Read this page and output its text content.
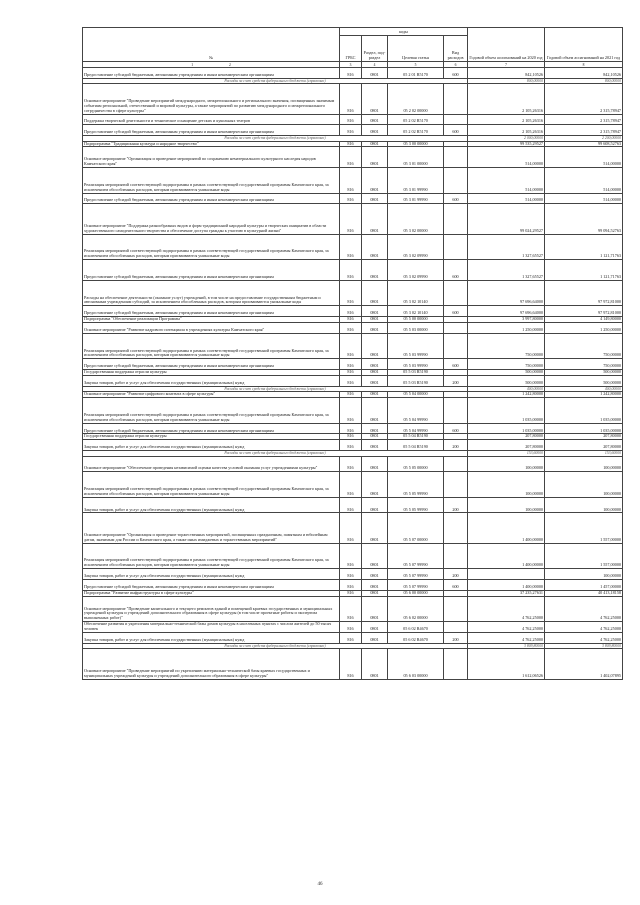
№	коды				Годовой объем ассигнований на 2020 год	Годовой объем ассигнований на 2021 год
	ГРБС	Раздел, под-раздел	Целевая статья	Вид расходов		
1 2	3	4	5	6	7	8
Предоставление субсидий бюджетным, автономным учреждениям и иным некоммерческим организациям	816	0801	05 2 01 R5170	600	842,10526	842,10526
Расходы за счет средств федерального бюджета (справочно)					800,00000	800,00000
Основное мероприятие "Проведение мероприятий международного, межрегионального и регионального значения, посвященных значимым событиям региональной, отечественной и мировой культуры, а также мероприятий по развитию международного и межрегионального сотрудничества в сфере культуры"	816	0801	05 2 02 00000		2 105,26316	2 315,78947
Поддержка творческой деятельности и техническое оснащение детских и кукольных театров	816	0801	05 2 02 R5170		2 105,26316	2 315,78947
Предоставление субсидий бюджетным, автономным учреждениям и иным некоммерческим организациям	816	0801	05 2 02 R5170	600	2 105,26316	2 315,78947
Расходы за счет средств федерального бюджета (справочно)					2 000,00000	2 200,00000
Подпрограмма "Традиционная культура и народное творчество"	816	0801	05 3 00 00000		99 535,29527	99 608,52763
Основное мероприятие "Организация и проведение мероприятий по сохранению нематериального культурного наследия народов Камчатского края"	816	0801	05 3 01 00000		514,00000	514,00000
Реализация мероприятий соответствующей подпрограммы в рамках соответствующей государственной программы Камчатского края, за исключением обособленных расходов, которым присваиваются уникальные коды	816	0801	05 3 01 99990		514,00000	514,00000
Предоставление субсидий бюджетным, автономным учреждениям и иным некоммерческим организациям	816	0801	05 3 01 99990	600	514,00000	514,00000
Основное мероприятие "Поддержка разнообразных видов и форм традиционной народной культуры и творческих инициатив в области художественного самодеятельного творчества и обеспечение доступа граждан к участию в культурной жизни"	816	0801	05 3 02 00000		99 024,29527	99 094,52763
Реализация мероприятий соответствующей подпрограммы в рамках соответствующей государственной программы Камчатского края, за исключением обособленных расходов, которым присваиваются уникальные коды	816	0801	05 3 02 09990		1 327,65527	1 121,71763
Предоставление субсидий бюджетным, автономным учреждениям и иным некоммерческим организациям	816	0801	05 3 02 09990	600	1 327,65527	1 121,71763
Расходы на обеспечение деятельности (оказание услуг) учреждений, в том числе на предоставление государственным бюджетным и автономным учреждениям субсидий, за исключением обособленных расходов, которым присваиваются уникальные коды	816	0801	05 3 02 10140		97 696,64000	97 972,81000
Предоставление субсидий бюджетным, автономным учреждениям и иным некоммерческим организациям	816	0801	05 3 02 10140	600	97 696,64000	97 972,81000
Подпрограмма "Обеспечение реализации Программы"	816	0801	05 5 00 00000		3 997,80000	4 149,80000
Основное мероприятие "Развитие кадрового потенциала в учреждениях культуры Камчатского края"	816	0801	05 5 03 00000		1 250,00000	1 250,00000
Реализация мероприятий соответствующей подпрограммы в рамках соответствующей государственной программы Камчатского края, за исключением обособленных расходов, которым присваиваются уникальные коды	816	0801	05 5 03 99990		750,00000	750,00000
Предоставление субсидий бюджетным, автономным учреждениям и иным некоммерческим организациям	816	0801	05 5 03 99990	600	750,00000	750,00000
Государственная поддержка отрасли культуры	816	0801	05 5 03 R5190		500,00000	500,00000
Закупка товаров, работ и услуг для обеспечения государственных (муниципальных) нужд	816	0801	05 5 03 R5190	200	500,00000	500,00000
Расходы за счет средств федерального бюджета (справочно)					400,00000	400,00000
Основное мероприятие "Развитие цифрового контента в сфере культуры"	816	0801	05 5 04 00000		1 242,80000	1 242,80000
Реализация мероприятий соответствующей подпрограммы в рамках соответствующей государственной программы Камчатского края, за исключением обособленных расходов, которым присваиваются уникальные коды	816	0801	05 5 04 99990		1 035,00000	1 035,00000
Предоставление субсидий бюджетным, автономным учреждениям и иным некоммерческим организациям	816	0801	05 5 04 99990	600	1 035,00000	1 035,00000
Государственная поддержка отрасли культуры	816	0801	05 5 04 R5190		207,80000	207,80000
Закупка товаров, работ и услуг для обеспечения государственных (муниципальных) нужд	816	0801	05 5 04 R5190	200	207,80000	207,80000
Расходы за счет средств федерального бюджета (справочно)					153,60000	153,60000
Основное мероприятие "Обеспечение проведения независимой оценки качества условий оказания услуг учреждениями культуры"	816	0801	05 5 05 00000		100,00000	100,00000
Реализация мероприятий соответствующей подпрограммы в рамках соответствующей государственной программы Камчатского края, за исключением обособленных расходов, которым присваиваются уникальные коды	816	0801	05 5 05 99990		100,00000	100,00000
Закупка товаров, работ и услуг для обеспечения государственных (муниципальных) нужд	816	0801	05 5 05 99990	200	100,00000	100,00000
Основное мероприятие "Организация и проведение торжественных мероприятий, посвященных праздничным, памятным и юбилейным датам, значимым для России и Камчатского края, а также иных имиджевых и торжественных мероприятий"	816	0801	05 5 07 00000		1 400,00000	1 557,00000
Реализация мероприятий соответствующей подпрограммы в рамках соответствующей государственной программы Камчатского края, за исключением обособленных расходов, которым присваиваются уникальные коды	816	0801	05 5 07 99990		1 400,00000	1 557,00000
Закупка товаров, работ и услуг для обеспечения государственных (муниципальных) нужд	816	0801	05 5 07 99990	200		100,00000
Предоставление субсидий бюджетным, автономным учреждениям и иным некоммерческим организациям	816	0801	05 5 07 99990	600	1 400,00000	1 457,00000
Подпрограмма "Развитие инфраструктуры в сфере культуры"	816	0801	05 6 00 00000		37 235,27631	40 413,18158
Основное мероприятие "Проведение капитального и текущего ремонтов зданий и помещений краевых государственных и муниципальных учреждений культуры и учреждений дополнительного образования в сфере культуры (в том числе проектные работы и экспертиза выполненных работ)"	816	0801	05 6 02 00000		4 762,25000	4 762,25000
Обеспечение развития и укрепления материально-технической базы домов культуры в населенных пунктах с числом жителей до 50 тысяч человек	816	0801	05 6 02 R4670		4 762,25000	4 762,25000
Закупка товаров, работ и услуг для обеспечения государственных (муниципальных) нужд	816	0801	05 6 02 R4670	200	4 762,25000	4 762,25000
Расходы за счет средств федерального бюджета (справочно)					3 809,80000	3 809,80000
Основное мероприятие "Проведение мероприятий по укреплению материально-технической базы краевых государственных и муниципальных учреждений культуры и учреждений дополнительного образования в сфере культуры"	816	0801	05 6 03 00000		1 612,06526	1 402,07895
46
